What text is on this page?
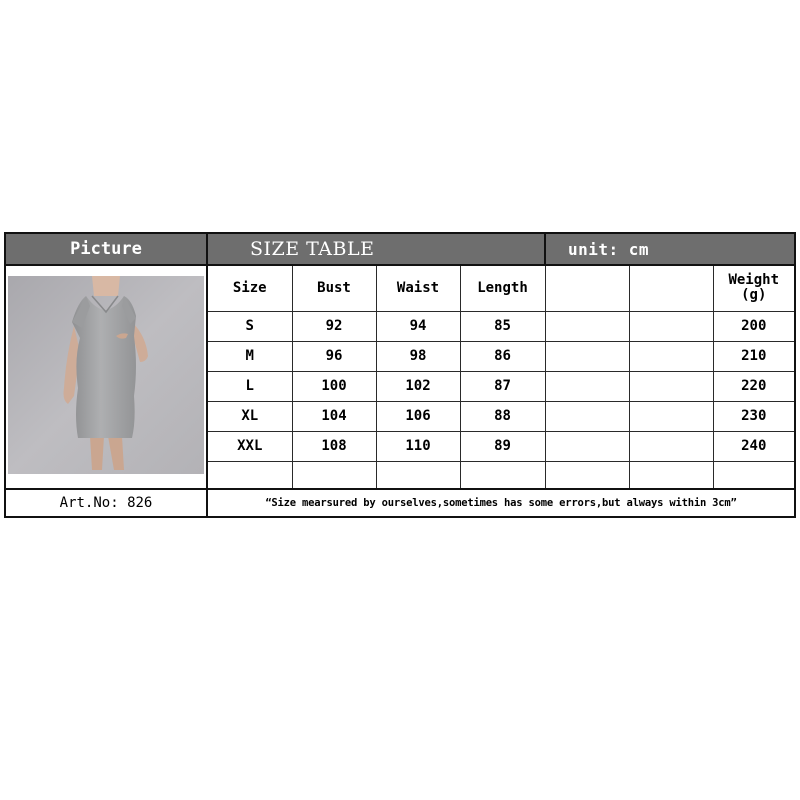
Picture	SIZE TABLE	unit: cm
Size	Bust	Waist	Length			Weight
(g)
S	92	94	85			200
M	96	98	86			210
L	100	102	87			220
XL	104	106	88			230
XXL	108	110	89			240

Art.No: 826	“Size mearsured by ourselves,sometimes has some errors,but always within 3cm”
